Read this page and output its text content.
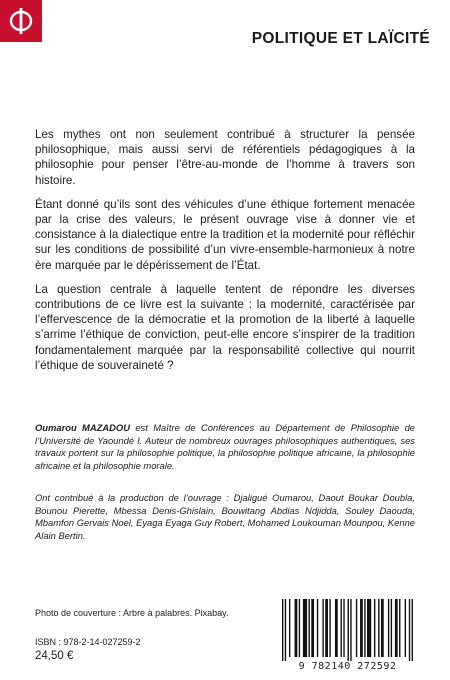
POLITIQUE ET LAÏCITÉ

Les mythes ont non seulement contribué à structurer la pensée philosophique, mais aussi servi de référentiels pédagogiques à la philosophie pour penser l’être-au-monde de l’homme à travers son histoire.

Étant donné qu’ils sont des véhicules d’une éthique fortement menacée par la crise des valeurs, le présent ouvrage vise à donner vie et consistance à la dialectique entre la tradition et la modernité pour réfléchir sur les conditions de possibilité d’un vivre-ensemble-harmonieux à notre ère marquée par le dépérissement de l’État.

La question centrale à laquelle tentent de répondre les diverses contributions de ce livre est la suivante : la modernité, caractérisée par l’effervescence de la démocratie et la promotion de la liberté à laquelle s’arrime l’éthique de conviction, peut-elle encore s’inspirer de la tradition fondamentalement marquée par la responsabilité collective qui nourrit l’éthique de souveraineté ?

Oumarou MAZADOU est Maître de Conférences au Département de Philosophie de l’Université de Yaoundé I. Auteur de nombreux ouvrages philosophiques authentiques, ses travaux portent sur la philosophie politique, la philosophie politique africaine, la philosophie africaine et la philosophie morale.
Ont contribué à la production de l’ouvrage : Djaligué Oumarou, Daout Boukar Doubla, Bounou Pierette, Mbessa Denis-Ghislain, Bouwitang Abdias Ndjidda, Souley Daouda, Mbamfon Gervais Noel, Eyaga Eyaga Guy Robert, Mohamed Loukouman Mounpou, Kenne Alain Bertin.
Photo de couverture : Arbre à palabres. Pixabay.
ISBN : 978-2-14-027259-2
24,50 €
9 782140 272592
